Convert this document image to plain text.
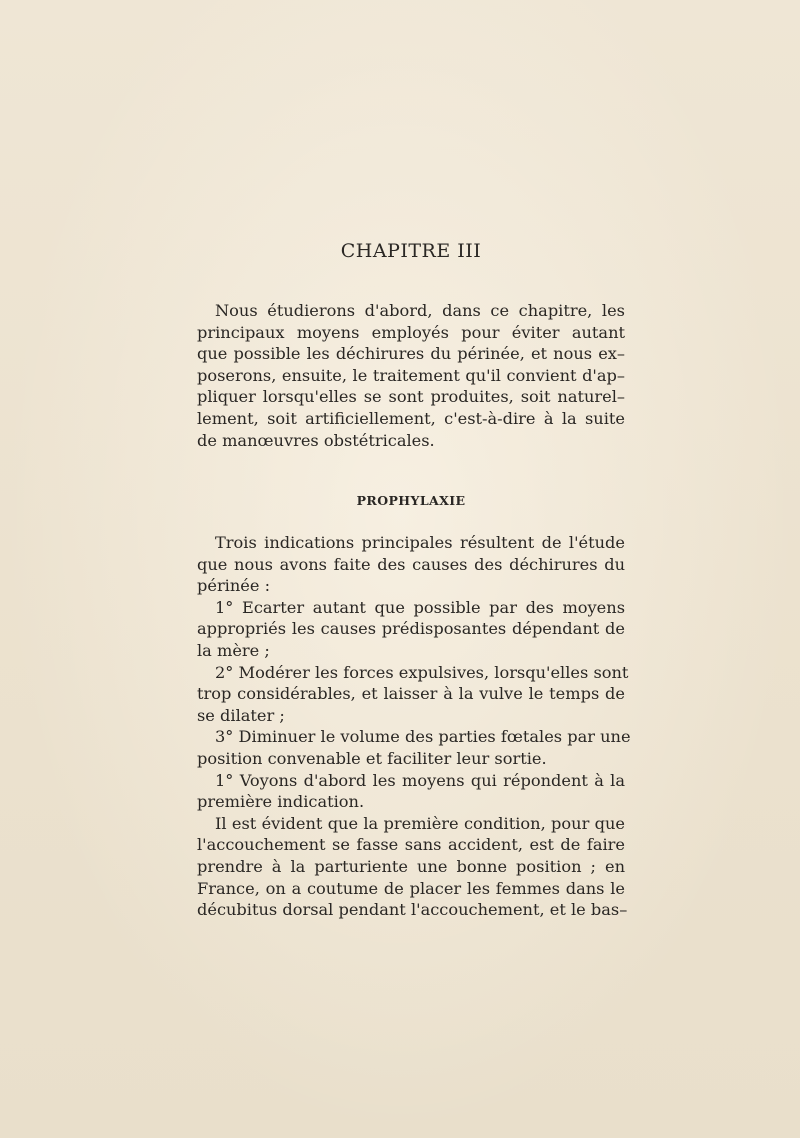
CHAPITRE III
Nous étudierons d'abord, dans ce chapitre, les
principaux moyens employés pour éviter autant
que possible les déchirures du périnée, et nous ex–
poserons, ensuite, le traitement qu'il convient d'ap–
pliquer lorsqu'elles se sont produites, soit naturel–
lement, soit artificiellement, c'est-à-dire à la suite
de manœuvres obstétricales.
PROPHYLAXIE
Trois indications principales résultent de l'étude
que nous avons faite des causes des déchirures du
périnée :
1° Ecarter autant que possible par des moyens
appropriés les causes prédisposantes dépendant de
la mère ;
2° Modérer les forces expulsives, lorsqu'elles sont
trop considérables, et laisser à la vulve le temps de
se dilater ;
3° Diminuer le volume des parties fœtales par une
position convenable et faciliter leur sortie.
1° Voyons d'abord les moyens qui répondent à la
première indication.
Il est évident que la première condition, pour que
l'accouchement se fasse sans accident, est de faire
prendre à la parturiente une bonne position ; en
France, on a coutume de placer les femmes dans le
décubitus dorsal pendant l'accouchement, et le bas–
